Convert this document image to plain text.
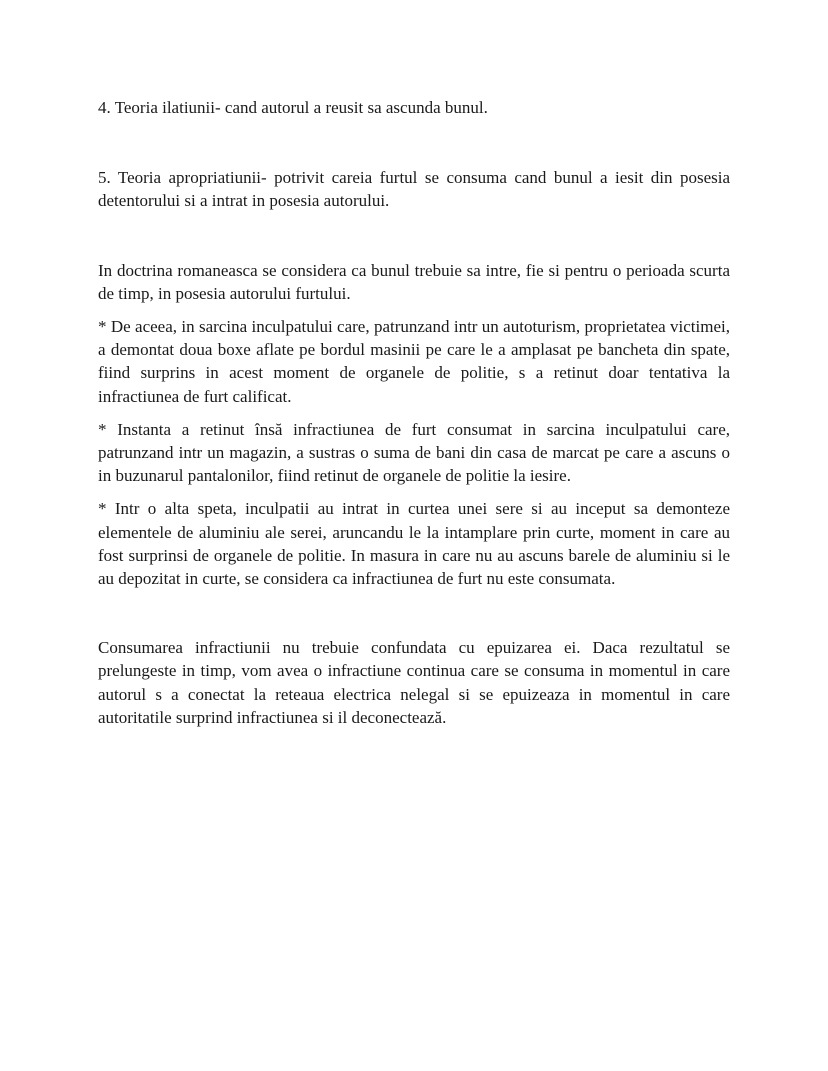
4. Teoria ilatiunii- cand autorul a reusit sa ascunda bunul.

5. Teoria apropriatiunii- potrivit careia furtul se consuma cand bunul a iesit din posesia detentorului si a intrat in posesia autorului.

In doctrina romaneasca se considera ca bunul trebuie sa intre, fie si pentru o perioada scurta de timp, in posesia autorului furtului.

* De aceea, in sarcina inculpatului care, patrunzand intr un autoturism, proprietatea victimei, a demontat doua boxe aflate pe bordul masinii pe care le a amplasat pe bancheta din spate, fiind surprins in acest moment de organele de politie, s a retinut doar tentativa la infractiunea de furt calificat.

* Instanta a retinut însă infractiunea de furt consumat in sarcina inculpatului care, patrunzand intr un magazin, a sustras o suma de bani din casa de marcat pe care a ascuns o in buzunarul pantalonilor, fiind retinut de organele de politie la iesire.

* Intr o alta speta, inculpatii au intrat in curtea unei sere si au inceput sa demonteze elementele de aluminiu ale serei, aruncandu le la intamplare prin curte, moment in care au fost surprinsi de organele de politie. In masura in care nu au ascuns barele de aluminiu si le au depozitat in curte, se considera ca infractiunea de furt nu este consumata.

Consumarea infractiunii nu trebuie confundata cu epuizarea ei. Daca rezultatul se prelungeste in timp, vom avea o infractiune continua care se consuma in momentul in care autorul s a conectat la reteaua electrica nelegal si se epuizeaza in momentul in care autoritatile surprind infractiunea si il deconectează.
